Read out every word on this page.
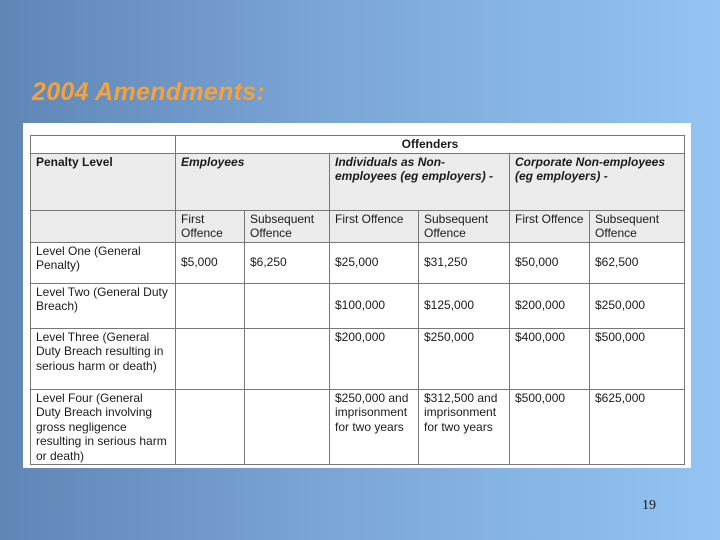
2004 Amendments:
	Offenders					
Penalty Level	Employees		Individuals as Non-employees (eg employers) -		Corporate Non-employees (eg employers) -	
	First Offence	Subsequent Offence	First Offence	Subsequent Offence	First Offence	Subsequent Offence
Level One (General Penalty)	$5,000	$6,250	$25,000	$31,250	$50,000	$62,500
Level Two (General Duty Breach)			$100,000	$125,000	$200,000	$250,000
Level Three (General Duty Breach resulting in serious harm or death)			$200,000	$250,000	$400,000	$500,000
Level Four (General Duty Breach involving gross negligence resulting in serious harm or death)			$250,000 and imprisonment for two years	$312,500 and imprisonment for two years	$500,000	$625,000
19
